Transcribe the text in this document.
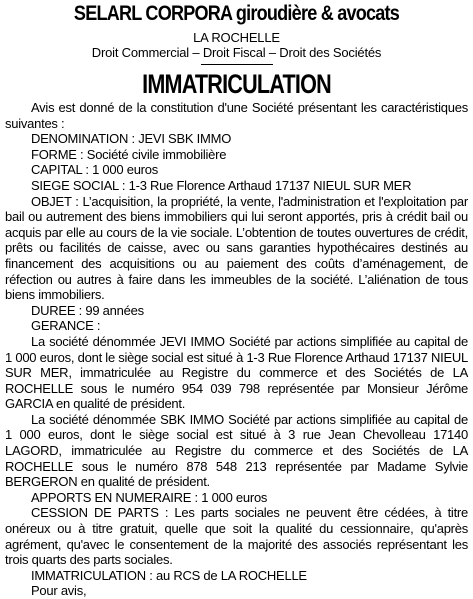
SELARL CORPORA giroudière & avocats
LA ROCHELLE
Droit Commercial – Droit Fiscal – Droit des Sociétés
IMMATRICULATION

Avis est donné de la constitution d'une Société présentant les caractéristiques suivantes :

DENOMINATION : JEVI SBK IMMO

FORME : Société civile immobilière

CAPITAL : 1 000 euros

SIEGE SOCIAL : 1-3 Rue Florence Arthaud 17137 NIEUL SUR MER

OBJET : L’acquisition, la propriété, la vente, l'administration et l'exploitation par bail ou autrement des biens immobiliers qui lui seront apportés, pris à crédit bail ou acquis par elle au cours de la vie sociale. L’obtention de toutes ouvertures de crédit, prêts ou facilités de caisse, avec ou sans garanties hypothécaires destinés au financement des acquisitions ou au paiement des coûts d’aménagement, de réfection ou autres à faire dans les immeubles de la société. L’aliénation de tous biens immobiliers.

DUREE : 99 années

GERANCE :

La société dénommée JEVI IMMO Société par actions simplifiée au capital de 1 000 euros, dont le siège social est situé à 1-3 Rue Florence Arthaud 17137 NIEUL SUR MER, immatriculée au Registre du commerce et des Sociétés de LA ROCHELLE sous le numéro 954 039 798 représentée par Monsieur Jérôme GARCIA en qualité de président.

La société dénommée SBK IMMO Société par actions simplifiée au capital de 1 000 euros, dont le siège social est situé à 3 rue Jean Chevolleau 17140 LAGORD, immatriculée au Registre du commerce et des Sociétés de LA ROCHELLE sous le numéro 878 548 213 représentée par Madame Sylvie BERGERON en qualité de président.

APPORTS EN NUMERAIRE : 1 000 euros

CESSION DE PARTS : Les parts sociales ne peuvent être cédées, à titre onéreux ou à titre gratuit, quelle que soit la qualité du cessionnaire, qu'après agrément, qu'avec le consentement de la majorité des associés représentant les trois quarts des parts sociales.

IMMATRICULATION : au RCS de LA ROCHELLE

Pour avis,
